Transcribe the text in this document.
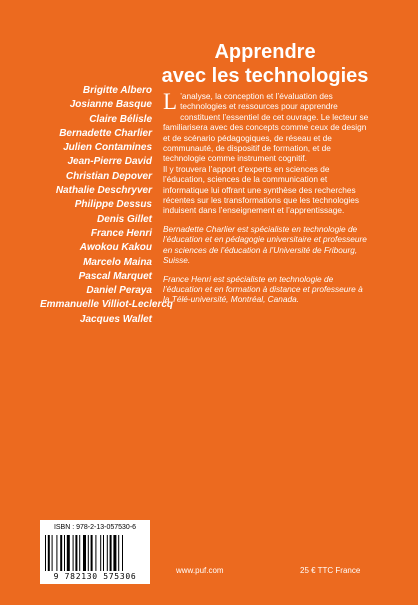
Apprendre
avec les technologies
Brigitte Albero
Josianne Basque
Claire Bélisle
Bernadette Charlier
Julien Contamines
Jean-Pierre David
Christian Depover
Nathalie Deschryver
Philippe Dessus
Denis Gillet
France Henri
Awokou Kakou
Marcelo Maina
Pascal Marquet
Daniel Peraya
Emmanuelle Villiot-Leclercq
Jacques Wallet

L ’analyse, la conception et l’évaluation des technologies et ressources pour apprendre constituent l’essentiel de cet ouvrage. Le lecteur se familiarisera avec des concepts comme ceux de design et de scénario pédagogiques, de réseau et de communauté, de dispositif de formation, et de technologie comme instrument cognitif.

Il y trouvera l’apport d’experts en sciences de l’éducation, sciences de la communication et informatique lui offrant une synthèse des recherches récentes sur les transformations que les technologies induisent dans l’enseignement et l’apprentissage.

Bernadette Charlier est spécialiste en technologie de l’éducation et en pédagogie universitaire et professeure en sciences de l’éducation à l’Université de Fribourg, Suisse.

France Henri est spécialiste en technologie de l’éducation et en formation à distance et professeure à la Télé-université, Montréal, Canada.

ISBN : 978-2-13-057530-6
9 782130 575306
www.puf.com	25 € TTC France
